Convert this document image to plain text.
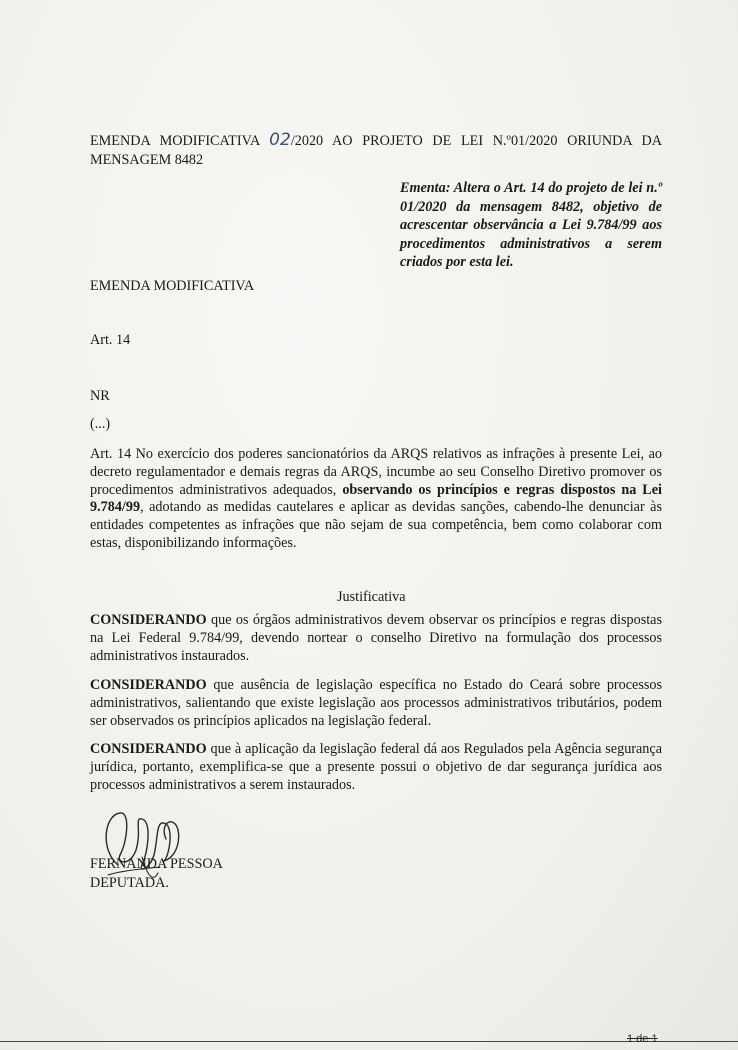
EMENDA MODIFICATIVA 02/2020 AO PROJETO DE LEI N.º01/2020 ORIUNDA DA MENSAGEM 8482
Ementa: Altera o Art. 14 do projeto de lei n.º 01/2020 da mensagem 8482, objetivo de acrescentar observância a Lei 9.784/99 aos procedimentos administrativos a serem criados por esta lei.
EMENDA MODIFICATIVA
Art. 14
NR
(...)
Art. 14 No exercício dos poderes sancionatórios da ARQS relativos as infrações à presente Lei, ao decreto regulamentador e demais regras da ARQS, incumbe ao seu Conselho Diretivo promover os procedimentos administrativos adequados, observando os princípios e regras dispostos na Lei 9.784/99, adotando as medidas cautelares e aplicar as devidas sanções, cabendo-lhe denunciar às entidades competentes as infrações que não sejam de sua competência, bem como colaborar com estas, disponibilizando informações.
Justificativa
CONSIDERANDO que os órgãos administrativos devem observar os princípios e regras dispostas na Lei Federal 9.784/99, devendo nortear o conselho Diretivo na formulação dos processos administrativos instaurados.
CONSIDERANDO que ausência de legislação específica no Estado do Ceará sobre processos administrativos, salientando que existe legislação aos processos administrativos tributários, podem ser observados os princípios aplicados na legislação federal.
CONSIDERANDO que à aplicação da legislação federal dá aos Regulados pela Agência segurança jurídica, portanto, exemplifica-se que a presente possui o objetivo de dar segurança jurídica aos processos administrativos a serem instaurados.
FERNANDA PESSOA
DEPUTADA.
1 de 1
